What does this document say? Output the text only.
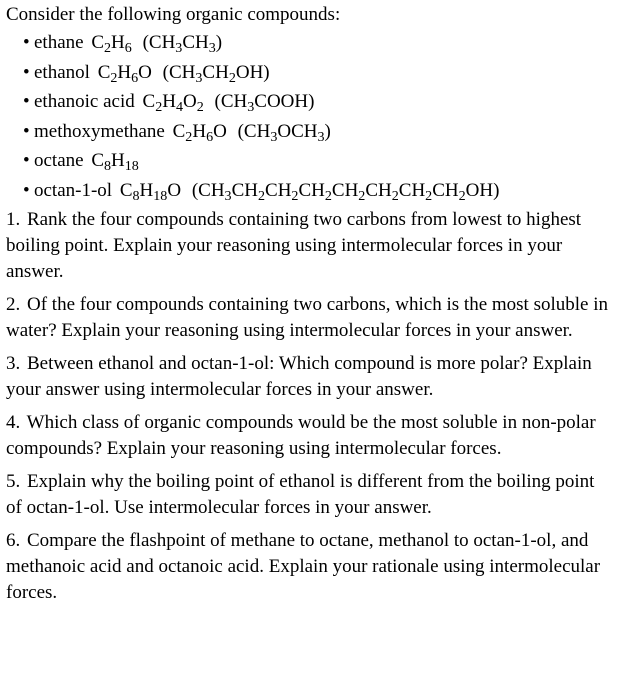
Consider the following organic compounds:

• ethane $C_2H_6$ $(CH_3CH_3)$
• ethanol $C_2H_6O$ $(CH_3CH_2OH)$
• ethanoic acid $C_2H_4O_2$ $(CH_3COOH)$
• methoxymethane $C_2H_6O$ $(CH_3OCH_3)$
• octane $C_8H_{18}$
• octan-1-ol $C_8H_{18}O$ $(CH_3CH_2CH_2CH_2CH_2CH_2CH_2CH_2OH)$

1. Rank the four compounds containing two carbons from lowest to highest boiling point. Explain your reasoning using intermolecular forces in your answer.

2. Of the four compounds containing two carbons, which is the most soluble in water? Explain your reasoning using intermolecular forces in your answer.

3. Between ethanol and octan-1-ol: Which compound is more polar? Explain your answer using intermolecular forces in your answer.

4. Which class of organic compounds would be the most soluble in non-polar compounds? Explain your reasoning using intermolecular forces.

5. Explain why the boiling point of ethanol is different from the boiling point of octan-1-ol. Use intermolecular forces in your answer.

6. Compare the flashpoint of methane to octane, methanol to octan-1-ol, and methanoic acid and octanoic acid. Explain your rationale using intermolecular forces.
